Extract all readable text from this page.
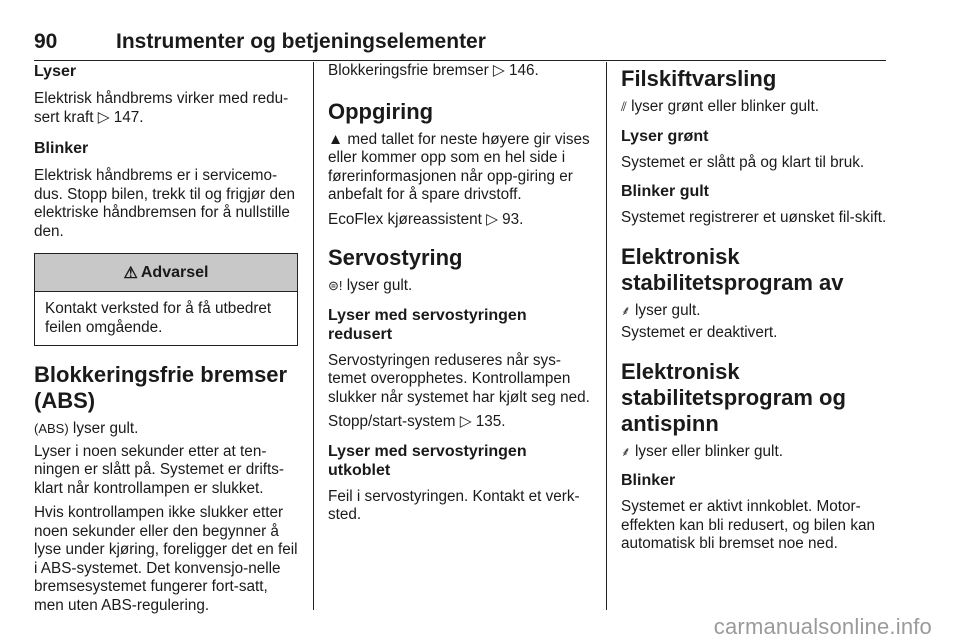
90	Instrumenter og betjeningselementer

Lyser

Elektrisk håndbrems virker med redu-
sert kraft ▷ 147.

Blinker

Elektrisk håndbrems er i servicemo-dus. Stopp bilen, trekk til og frigjør den elektriske håndbremsen for å nullstille den.

⚠ Advarsel

Kontakt verksted for å få utbedret feilen omgående.

Blokkeringsfrie bremser (ABS)

(ABS) lyser gult.

Lyser i noen sekunder etter at ten-ningen er slått på. Systemet er drifts-klart når kontrollampen er slukket.

Hvis kontrollampen ikke slukker etter noen sekunder eller den begynner å lyse under kjøring, foreligger det en feil i ABS-systemet. Det konvensjo-nelle bremsesystemet fungerer fort-satt, men uten ABS-regulering.

Blokkeringsfrie bremser ▷ 146.

Oppgiring

▲ med tallet for neste høyere gir vises eller kommer opp som en hel side i førerinformasjonen når opp-giring er anbefalt for å spare drivstoff.

EcoFlex kjøreassistent ▷ 93.

Servostyring

⊜! lyser gult.

Lyser med servostyringen redusert

Servostyringen reduseres når sys-temet overopphetes. Kontrollampen slukker når systemet har kjølt seg ned.

Stopp/start-system ▷ 135.

Lyser med servostyringen utkoblet

Feil i servostyringen. Kontakt et verk-sted.

Filskiftvarsling

⫽ lyser grønt eller blinker gult.

Lyser grønt

Systemet er slått på og klart til bruk.

Blinker gult

Systemet registrerer et uønsket fil-skift.

Elektronisk stabilitetsprogram av

⸙ lyser gult.

Systemet er deaktivert.

Elektronisk stabilitetsprogram og antispinn

⸙ lyser eller blinker gult.

Blinker

Systemet er aktivt innkoblet. Motor-effekten kan bli redusert, og bilen kan automatisk bli bremset noe ned.

carmanualsonline.info
